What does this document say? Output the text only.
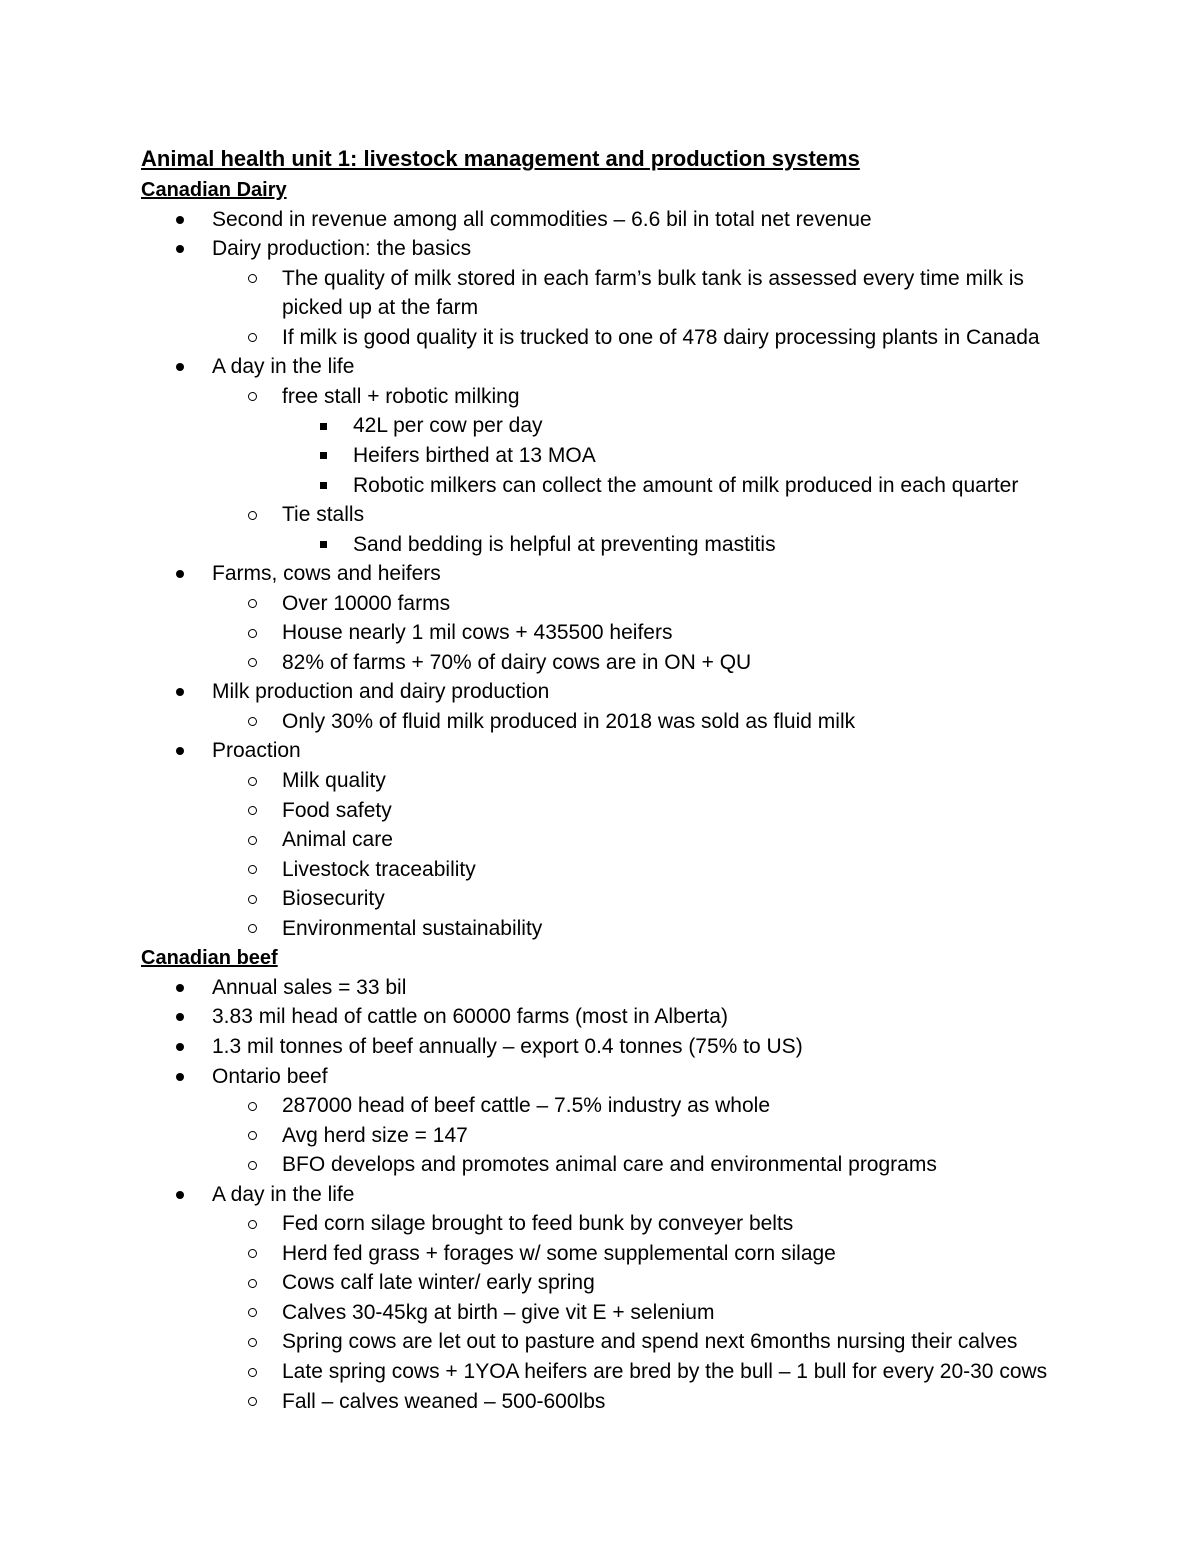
Animal health unit 1: livestock management and production systems
Canadian Dairy
Second in revenue among all commodities – 6.6 bil in total net revenue
Dairy production: the basics
The quality of milk stored in each farm’s bulk tank is assessed every time milk is
picked up at the farm
If milk is good quality it is trucked to one of 478 dairy processing plants in Canada
A day in the life
free stall + robotic milking
42L per cow per day
Heifers birthed at 13 MOA
Robotic milkers can collect the amount of milk produced in each quarter
Tie stalls
Sand bedding is helpful at preventing mastitis
Farms, cows and heifers
Over 10000 farms
House nearly 1 mil cows + 435500 heifers
82% of farms + 70% of dairy cows are in ON + QU
Milk production and dairy production
Only 30% of fluid milk produced in 2018 was sold as fluid milk
Proaction
Milk quality
Food safety
Animal care
Livestock traceability
Biosecurity
Environmental sustainability
Canadian beef
Annual sales = 33 bil
3.83 mil head of cattle on 60000 farms (most in Alberta)
1.3 mil tonnes of beef annually – export 0.4 tonnes (75% to US)
Ontario beef
287000 head of beef cattle – 7.5% industry as whole
Avg herd size = 147
BFO develops and promotes animal care and environmental programs
A day in the life
Fed corn silage brought to feed bunk by conveyer belts
Herd fed grass + forages w/ some supplemental corn silage
Cows calf late winter/ early spring
Calves 30-45kg at birth – give vit E + selenium
Spring cows are let out to pasture and spend next 6months nursing their calves
Late spring cows + 1YOA heifers are bred by the bull – 1 bull for every 20-30 cows
Fall – calves weaned – 500-600lbs
